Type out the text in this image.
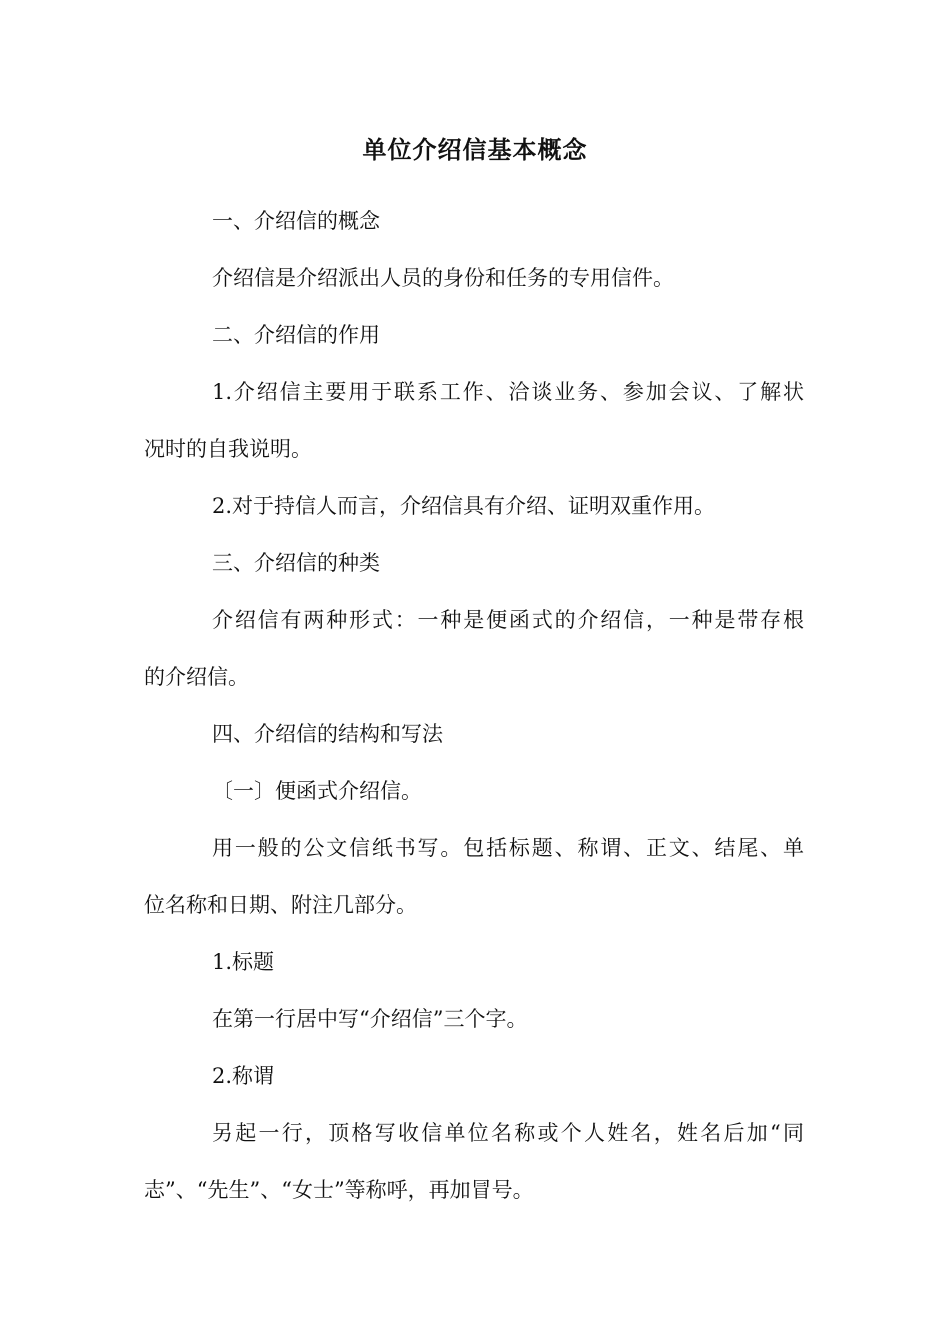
单位介绍信基本概念

一、介绍信的概念

介绍信是介绍派出人员的身份和任务的专用信件。

二、介绍信的作用

1.介绍信主要用于联系工作、洽谈业务、参加会议、了解状

况时的自我说明。

2.对于持信人而言，介绍信具有介绍、证明双重作用。

三、介绍信的种类

介绍信有两种形式：一种是便函式的介绍信，一种是带存根

的介绍信。

四、介绍信的结构和写法

〔一〕便函式介绍信。

用一般的公文信纸书写。包括标题、称谓、正文、结尾、单

位名称和日期、附注几部分。

1.标题

在第一行居中写“介绍信”三个字。

2.称谓

另起一行，顶格写收信单位名称或个人姓名，姓名后加“同

志”、“先生”、“女士”等称呼，再加冒号。
